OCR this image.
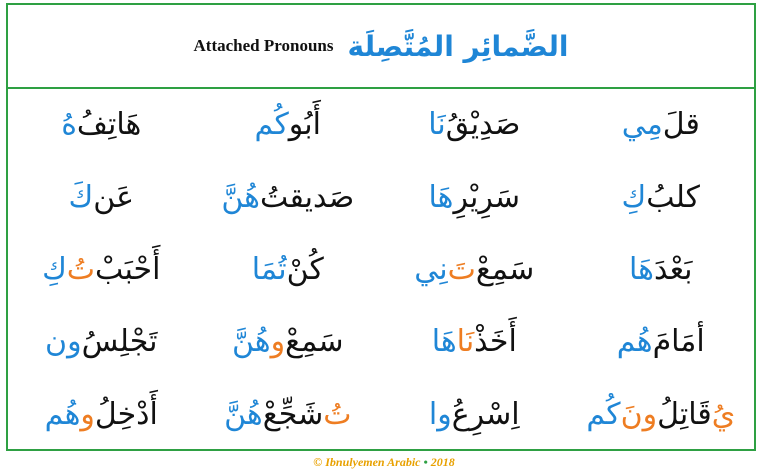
Attached Pronouns الضَّمائِر المُتَّصِلَة
قلَ
مِي
صَدِيْقُ
نَا
أَبُو
كُم
هَاتِفُ
هُ
كلبُ
كِ
سَرِيْرِ
هَا
صَديقتُ
هُنَّ
عَن
كَ
بَعْدَ
هَا
سَمِعْ
تَ
نِي
كُنْ
تُمَا
أَحْبَبْ
تُ
كِ
أمَامَ
هُم
أَخَذْ
نَا
هَا
سَمِعْ
و
هُنَّ
تَجْلِسُ
ون
يُ
قَاتِلُ
ونَ
كُم
اِسْرِعُ
وا
تُ
شَجِّعْ
هُنَّ
أَدْخِلُ
و
هُم
© Ibnulyemen Arabic • 2018
